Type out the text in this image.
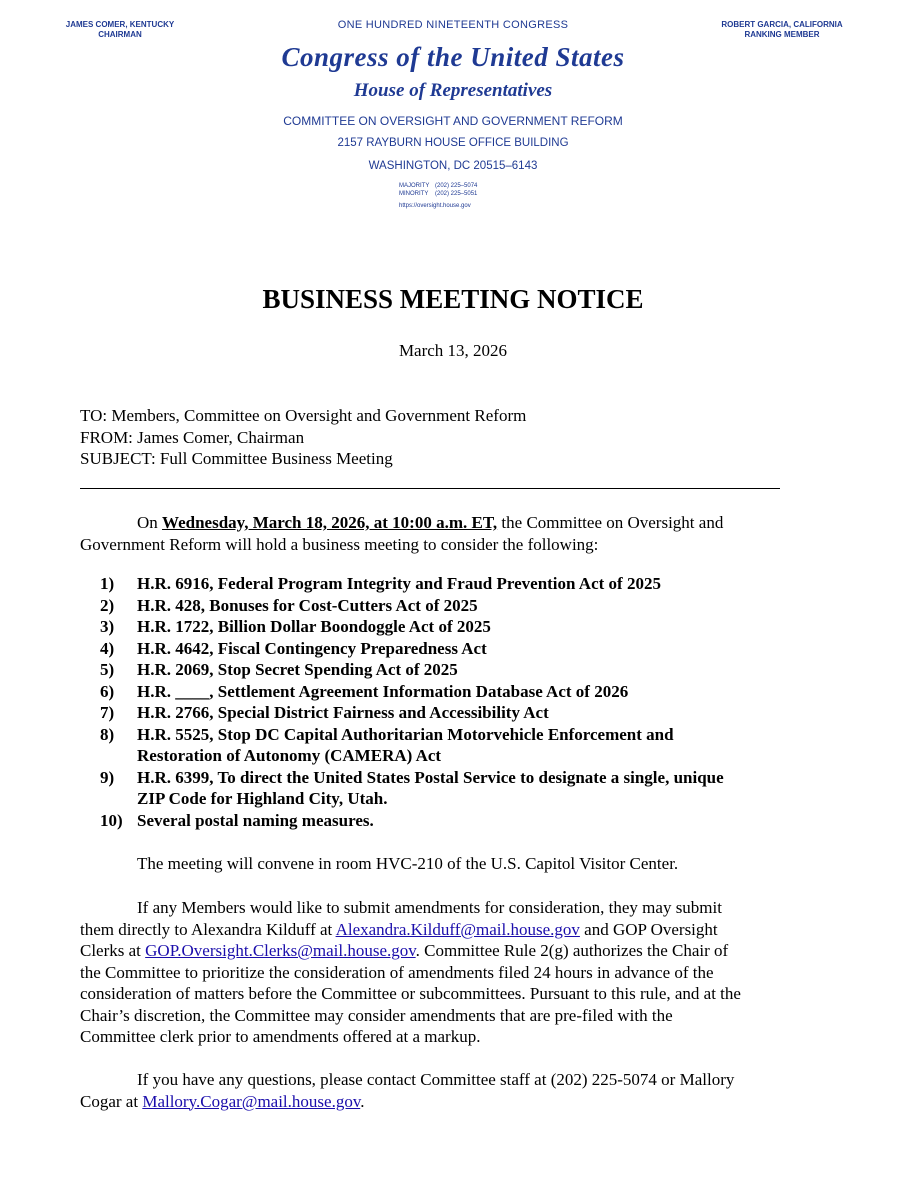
JAMES COMER, KENTUCKY
CHAIRMAN
ROBERT GARCIA, CALIFORNIA
RANKING MEMBER
ONE HUNDRED NINETEENTH CONGRESS
Congress of the United States
House of Representatives
COMMITTEE ON OVERSIGHT AND GOVERNMENT REFORM
2157 RAYBURN HOUSE OFFICE BUILDING
WASHINGTON, DC 20515–6143
MAJORITY (202) 225–5074
MINORITY (202) 225–5051
https://oversight.house.gov
BUSINESS MEETING NOTICE
March 13, 2026
TO: Members, Committee on Oversight and Government Reform
FROM: James Comer, Chairman
SUBJECT: Full Committee Business Meeting
On Wednesday, March 18, 2026, at 10:00 a.m. ET, the Committee on Oversight and
Government Reform will hold a business meeting to consider the following:
1)	H.R. 6916, Federal Program Integrity and Fraud Prevention Act of 2025
2)	H.R. 428, Bonuses for Cost-Cutters Act of 2025
3)	H.R. 1722, Billion Dollar Boondoggle Act of 2025
4)	H.R. 4642, Fiscal Contingency Preparedness Act
5)	H.R. 2069, Stop Secret Spending Act of 2025
6)	H.R. ____, Settlement Agreement Information Database Act of 2026
7)	H.R. 2766, Special District Fairness and Accessibility Act
8)	H.R. 5525, Stop DC Capital Authoritarian Motorvehicle Enforcement and
Restoration of Autonomy (CAMERA) Act
9)	H.R. 6399, To direct the United States Postal Service to designate a single, unique
ZIP Code for Highland City, Utah.
10) Several postal naming measures.
The meeting will convene in room HVC-210 of the U.S. Capitol Visitor Center.
If any Members would like to submit amendments for consideration, they may submit
them directly to Alexandra Kilduff at Alexandra.Kilduff@mail.house.gov and GOP Oversight
Clerks at GOP.Oversight.Clerks@mail.house.gov. Committee Rule 2(g) authorizes the Chair of
the Committee to prioritize the consideration of amendments filed 24 hours in advance of the
consideration of matters before the Committee or subcommittees. Pursuant to this rule, and at the
Chair’s discretion, the Committee may consider amendments that are pre-filed with the
Committee clerk prior to amendments offered at a markup.
If you have any questions, please contact Committee staff at (202) 225-5074 or Mallory
Cogar at Mallory.Cogar@mail.house.gov.
